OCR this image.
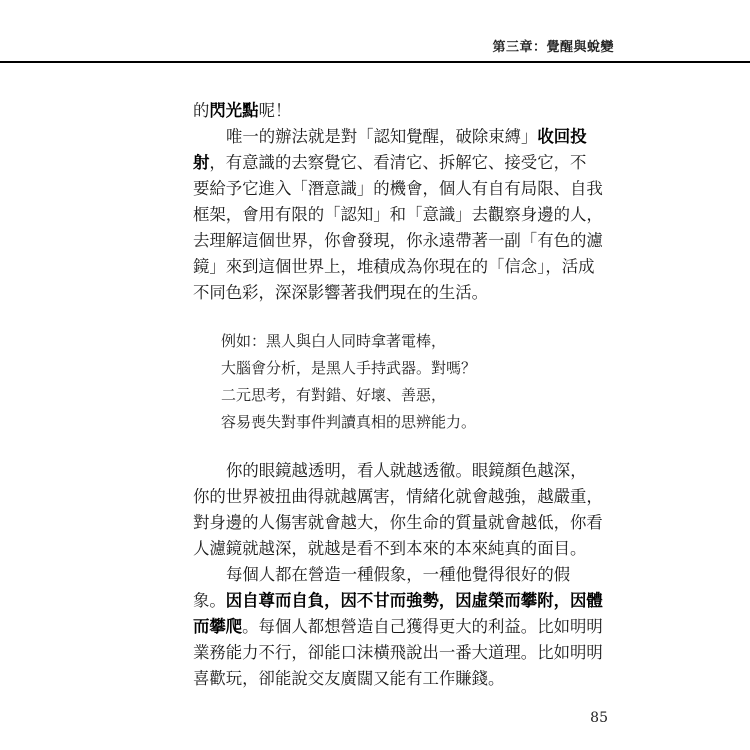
第三章：覺醒與蛻變

的閃光點呢！

唯一的辦法就是對「認知覺醒，破除束縛」收回投
射，有意識的去察覺它、看清它、拆解它、接受它，不
要給予它進入「潛意識」的機會，個人有自有局限、自我
框架，會用有限的「認知」和「意識」去觀察身邊的人，
去理解這個世界，你會發現，你永遠帶著一副「有色的濾
鏡」來到這個世界上，堆積成為你現在的「信念」，活成
不同色彩，深深影響著我們現在的生活。

例如：黑人與白人同時拿著電棒，
大腦會分析，是黑人手持武器。對嗎？
二元思考，有對錯、好壞、善惡，
容易喪失對事件判讀真相的思辨能力。

你的眼鏡越透明，看人就越透徹。眼鏡顏色越深，
你的世界被扭曲得就越厲害，情緒化就會越強，越嚴重，
對身邊的人傷害就會越大，你生命的質量就會越低，你看
人濾鏡就越深，就越是看不到本來的本來純真的面目。

每個人都在營造一種假象，一種他覺得很好的假
象。因自尊而自負，因不甘而強勢，因虛榮而攀附，因體
而攀爬。每個人都想營造自己獲得更大的利益。比如明明
業務能力不行，卻能口沫橫飛說出一番大道理。比如明明
喜歡玩，卻能說交友廣闊又能有工作賺錢。

85
